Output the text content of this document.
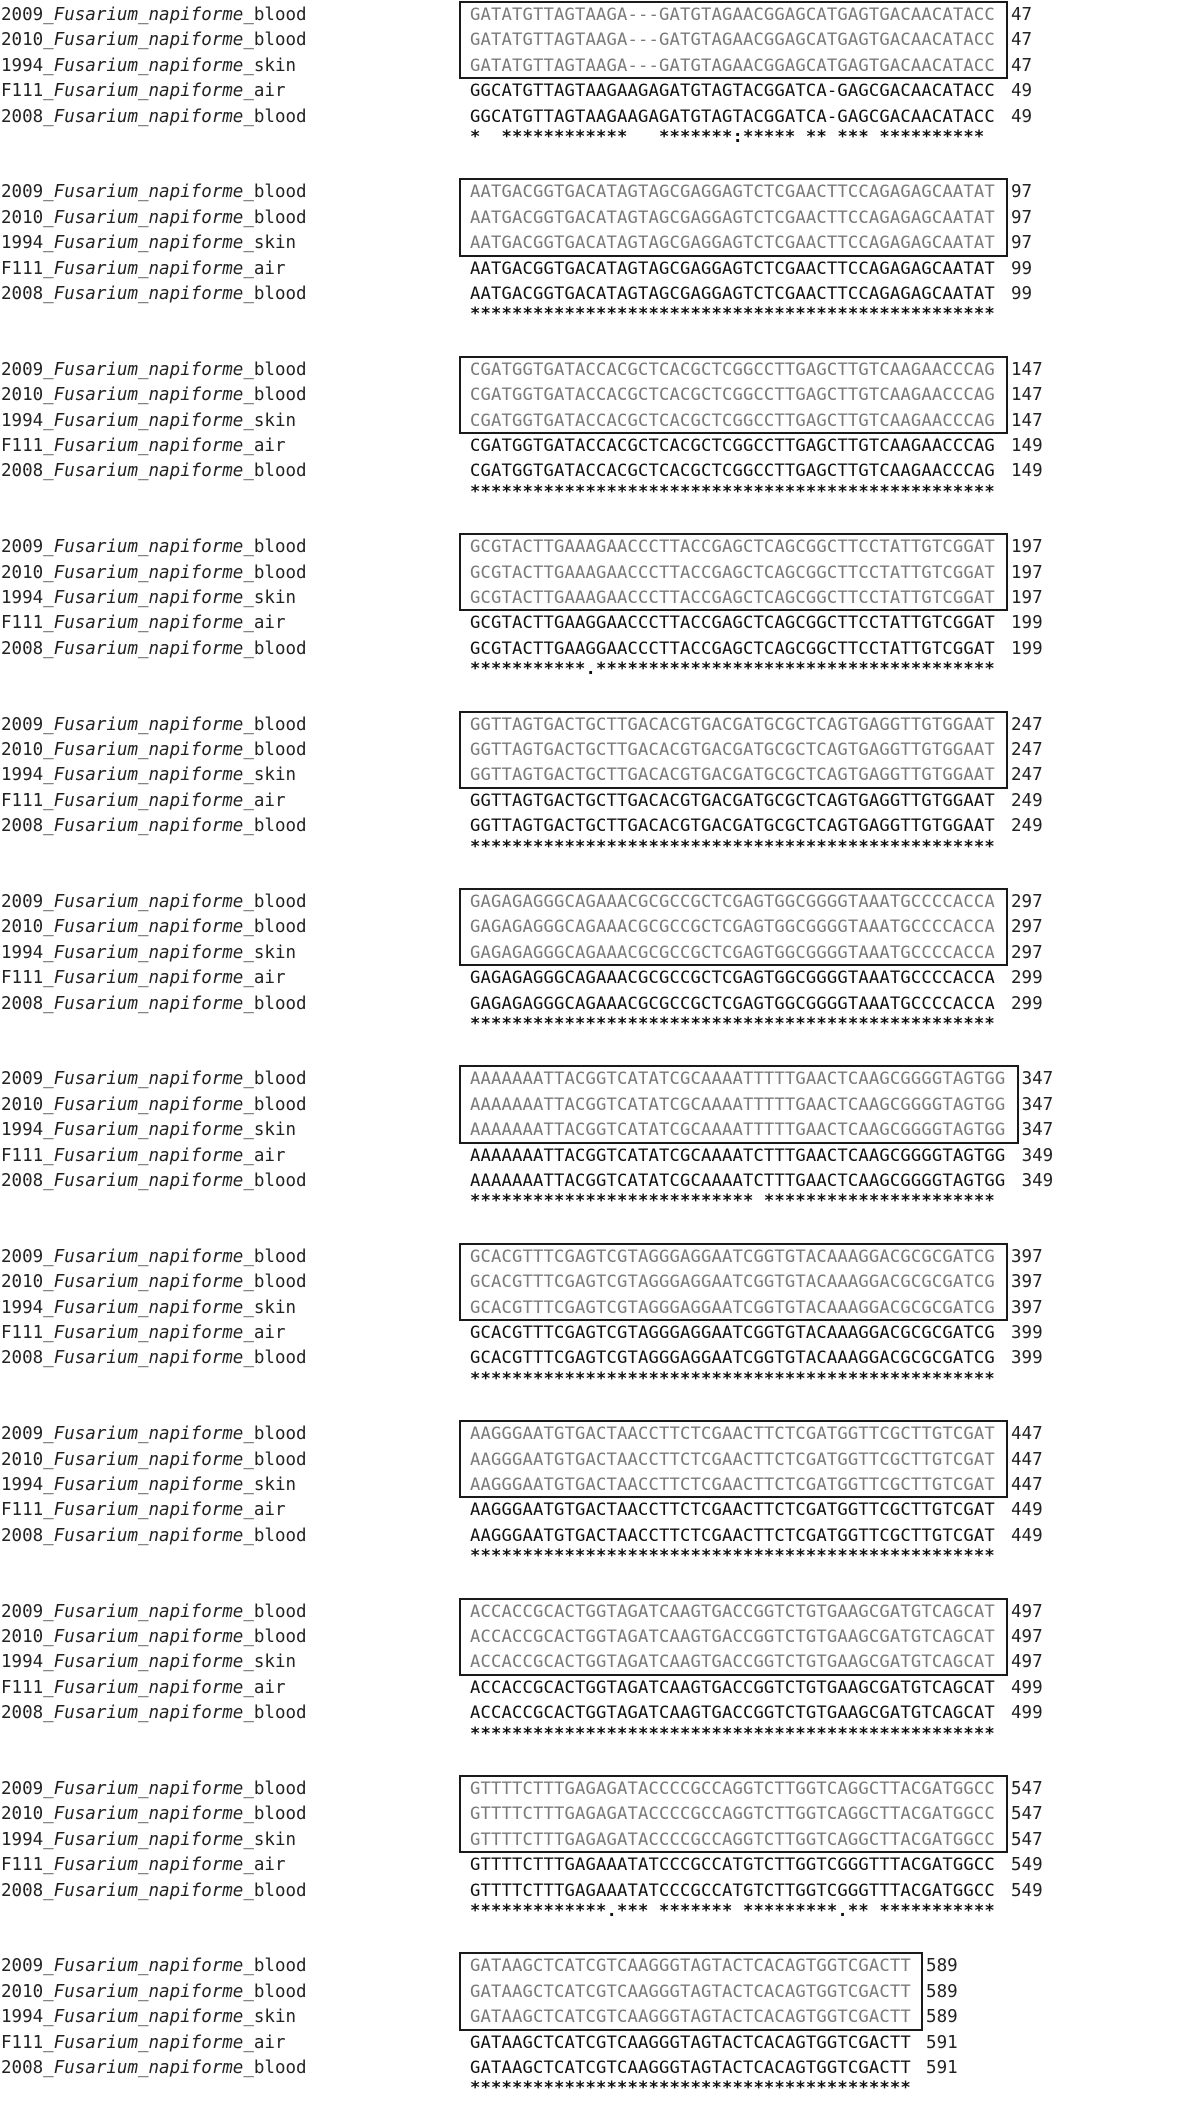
2009_Fusarium_napiforme_blood	GATATGTTAGTAAGA---GATGTAGAACGGAGCATGAGTGACAACATACC 47
2010_Fusarium_napiforme_blood	GATATGTTAGTAAGA---GATGTAGAACGGAGCATGAGTGACAACATACC 47
1994_Fusarium_napiforme_skin	GATATGTTAGTAAGA---GATGTAGAACGGAGCATGAGTGACAACATACC 47
F111_Fusarium_napiforme_air	GGCATGTTAGTAAGAAGAGATGTAGTACGGATCA-GAGCGACAACATACC 49
2008_Fusarium_napiforme_blood	GGCATGTTAGTAAGAAGAGATGTAGTACGGATCA-GAGCGACAACATACC 49
*  ************   *******:***** ** *** **********
2009_Fusarium_napiforme_blood	AATGACGGTGACATAGTAGCGAGGAGTCTCGAACTTCCAGAGAGCAATAT 97
2010_Fusarium_napiforme_blood	AATGACGGTGACATAGTAGCGAGGAGTCTCGAACTTCCAGAGAGCAATAT 97
1994_Fusarium_napiforme_skin	AATGACGGTGACATAGTAGCGAGGAGTCTCGAACTTCCAGAGAGCAATAT 97
F111_Fusarium_napiforme_air	AATGACGGTGACATAGTAGCGAGGAGTCTCGAACTTCCAGAGAGCAATAT 99
2008_Fusarium_napiforme_blood	AATGACGGTGACATAGTAGCGAGGAGTCTCGAACTTCCAGAGAGCAATAT 99
**************************************************
2009_Fusarium_napiforme_blood	CGATGGTGATACCACGCTCACGCTCGGCCTTGAGCTTGTCAAGAACCCAG 147
2010_Fusarium_napiforme_blood	CGATGGTGATACCACGCTCACGCTCGGCCTTGAGCTTGTCAAGAACCCAG 147
1994_Fusarium_napiforme_skin	CGATGGTGATACCACGCTCACGCTCGGCCTTGAGCTTGTCAAGAACCCAG 147
F111_Fusarium_napiforme_air	CGATGGTGATACCACGCTCACGCTCGGCCTTGAGCTTGTCAAGAACCCAG 149
2008_Fusarium_napiforme_blood	CGATGGTGATACCACGCTCACGCTCGGCCTTGAGCTTGTCAAGAACCCAG 149
**************************************************
2009_Fusarium_napiforme_blood	GCGTACTTGAAAGAACCCTTACCGAGCTCAGCGGCTTCCTATTGTCGGAT 197
2010_Fusarium_napiforme_blood	GCGTACTTGAAAGAACCCTTACCGAGCTCAGCGGCTTCCTATTGTCGGAT 197
1994_Fusarium_napiforme_skin	GCGTACTTGAAAGAACCCTTACCGAGCTCAGCGGCTTCCTATTGTCGGAT 197
F111_Fusarium_napiforme_air	GCGTACTTGAAGGAACCCTTACCGAGCTCAGCGGCTTCCTATTGTCGGAT 199
2008_Fusarium_napiforme_blood	GCGTACTTGAAGGAACCCTTACCGAGCTCAGCGGCTTCCTATTGTCGGAT 199
***********.**************************************
2009_Fusarium_napiforme_blood	GGTTAGTGACTGCTTGACACGTGACGATGCGCTCAGTGAGGTTGTGGAAT 247
2010_Fusarium_napiforme_blood	GGTTAGTGACTGCTTGACACGTGACGATGCGCTCAGTGAGGTTGTGGAAT 247
1994_Fusarium_napiforme_skin	GGTTAGTGACTGCTTGACACGTGACGATGCGCTCAGTGAGGTTGTGGAAT 247
F111_Fusarium_napiforme_air	GGTTAGTGACTGCTTGACACGTGACGATGCGCTCAGTGAGGTTGTGGAAT 249
2008_Fusarium_napiforme_blood	GGTTAGTGACTGCTTGACACGTGACGATGCGCTCAGTGAGGTTGTGGAAT 249
**************************************************
2009_Fusarium_napiforme_blood	GAGAGAGGGCAGAAACGCGCCGCTCGAGTGGCGGGGTAAATGCCCCACCA 297
2010_Fusarium_napiforme_blood	GAGAGAGGGCAGAAACGCGCCGCTCGAGTGGCGGGGTAAATGCCCCACCA 297
1994_Fusarium_napiforme_skin	GAGAGAGGGCAGAAACGCGCCGCTCGAGTGGCGGGGTAAATGCCCCACCA 297
F111_Fusarium_napiforme_air	GAGAGAGGGCAGAAACGCGCCGCTCGAGTGGCGGGGTAAATGCCCCACCA 299
2008_Fusarium_napiforme_blood	GAGAGAGGGCAGAAACGCGCCGCTCGAGTGGCGGGGTAAATGCCCCACCA 299
**************************************************
2009_Fusarium_napiforme_blood	AAAAAAATTACGGTCATATCGCAAAATTTTTGAACTCAAGCGGGGTAGTGG 347
2010_Fusarium_napiforme_blood	AAAAAAATTACGGTCATATCGCAAAATTTTTGAACTCAAGCGGGGTAGTGG 347
1994_Fusarium_napiforme_skin	AAAAAAATTACGGTCATATCGCAAAATTTTTGAACTCAAGCGGGGTAGTGG 347
F111_Fusarium_napiforme_air	AAAAAAATTACGGTCATATCGCAAAATCTTTGAACTCAAGCGGGGTAGTGG 349
2008_Fusarium_napiforme_blood	AAAAAAATTACGGTCATATCGCAAAATCTTTGAACTCAAGCGGGGTAGTGG 349
*************************** **********************
2009_Fusarium_napiforme_blood	GCACGTTTCGAGTCGTAGGGAGGAATCGGTGTACAAAGGACGCGCGATCG 397
2010_Fusarium_napiforme_blood	GCACGTTTCGAGTCGTAGGGAGGAATCGGTGTACAAAGGACGCGCGATCG 397
1994_Fusarium_napiforme_skin	GCACGTTTCGAGTCGTAGGGAGGAATCGGTGTACAAAGGACGCGCGATCG 397
F111_Fusarium_napiforme_air	GCACGTTTCGAGTCGTAGGGAGGAATCGGTGTACAAAGGACGCGCGATCG 399
2008_Fusarium_napiforme_blood	GCACGTTTCGAGTCGTAGGGAGGAATCGGTGTACAAAGGACGCGCGATCG 399
**************************************************
2009_Fusarium_napiforme_blood	AAGGGAATGTGACTAACCTTCTCGAACTTCTCGATGGTTCGCTTGTCGAT 447
2010_Fusarium_napiforme_blood	AAGGGAATGTGACTAACCTTCTCGAACTTCTCGATGGTTCGCTTGTCGAT 447
1994_Fusarium_napiforme_skin	AAGGGAATGTGACTAACCTTCTCGAACTTCTCGATGGTTCGCTTGTCGAT 447
F111_Fusarium_napiforme_air	AAGGGAATGTGACTAACCTTCTCGAACTTCTCGATGGTTCGCTTGTCGAT 449
2008_Fusarium_napiforme_blood	AAGGGAATGTGACTAACCTTCTCGAACTTCTCGATGGTTCGCTTGTCGAT 449
**************************************************
2009_Fusarium_napiforme_blood	ACCACCGCACTGGTAGATCAAGTGACCGGTCTGTGAAGCGATGTCAGCAT 497
2010_Fusarium_napiforme_blood	ACCACCGCACTGGTAGATCAAGTGACCGGTCTGTGAAGCGATGTCAGCAT 497
1994_Fusarium_napiforme_skin	ACCACCGCACTGGTAGATCAAGTGACCGGTCTGTGAAGCGATGTCAGCAT 497
F111_Fusarium_napiforme_air	ACCACCGCACTGGTAGATCAAGTGACCGGTCTGTGAAGCGATGTCAGCAT 499
2008_Fusarium_napiforme_blood	ACCACCGCACTGGTAGATCAAGTGACCGGTCTGTGAAGCGATGTCAGCAT 499
**************************************************
2009_Fusarium_napiforme_blood	GTTTTCTTTGAGAGATACCCCGCCAGGTCTTGGTCAGGCTTACGATGGCC 547
2010_Fusarium_napiforme_blood	GTTTTCTTTGAGAGATACCCCGCCAGGTCTTGGTCAGGCTTACGATGGCC 547
1994_Fusarium_napiforme_skin	GTTTTCTTTGAGAGATACCCCGCCAGGTCTTGGTCAGGCTTACGATGGCC 547
F111_Fusarium_napiforme_air	GTTTTCTTTGAGAAATATCCCGCCATGTCTTGGTCGGGTTTACGATGGCC 549
2008_Fusarium_napiforme_blood	GTTTTCTTTGAGAAATATCCCGCCATGTCTTGGTCGGGTTTACGATGGCC 549
*************.*** ******* *********.** ***********
2009_Fusarium_napiforme_blood	GATAAGCTCATCGTCAAGGGTAGTACTCACAGTGGTCGACTT 589
2010_Fusarium_napiforme_blood	GATAAGCTCATCGTCAAGGGTAGTACTCACAGTGGTCGACTT 589
1994_Fusarium_napiforme_skin	GATAAGCTCATCGTCAAGGGTAGTACTCACAGTGGTCGACTT 589
F111_Fusarium_napiforme_air	GATAAGCTCATCGTCAAGGGTAGTACTCACAGTGGTCGACTT 591
2008_Fusarium_napiforme_blood	GATAAGCTCATCGTCAAGGGTAGTACTCACAGTGGTCGACTT 591
******************************************
